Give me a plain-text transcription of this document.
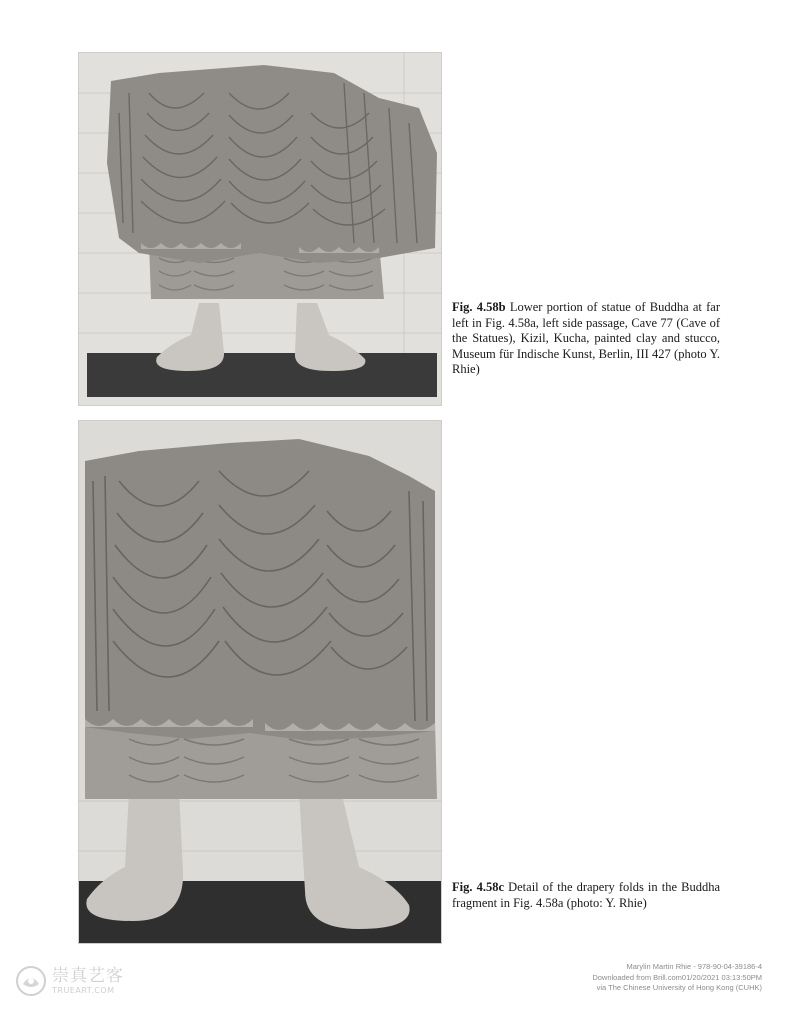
Fig. 4.58b Lower portion of statue of Buddha at far left in Fig. 4.58a, left side passage, Cave 77 (Cave of the Statues), Kizil, Kucha, painted clay and stucco, Museum für Indische Kunst, Berlin, III 427 (photo Y. Rhie)
Fig. 4.58c Detail of the drapery folds in the Buddha fragment in Fig. 4.58a (photo: Y. Rhie)
崇真艺客
TRUEART.COM
Marylin Martin Rhie - 978-90-04-39186-4
Downloaded from Brill.com01/20/2021 03:13:50PM
via The Chinese University of Hong Kong (CUHK)
